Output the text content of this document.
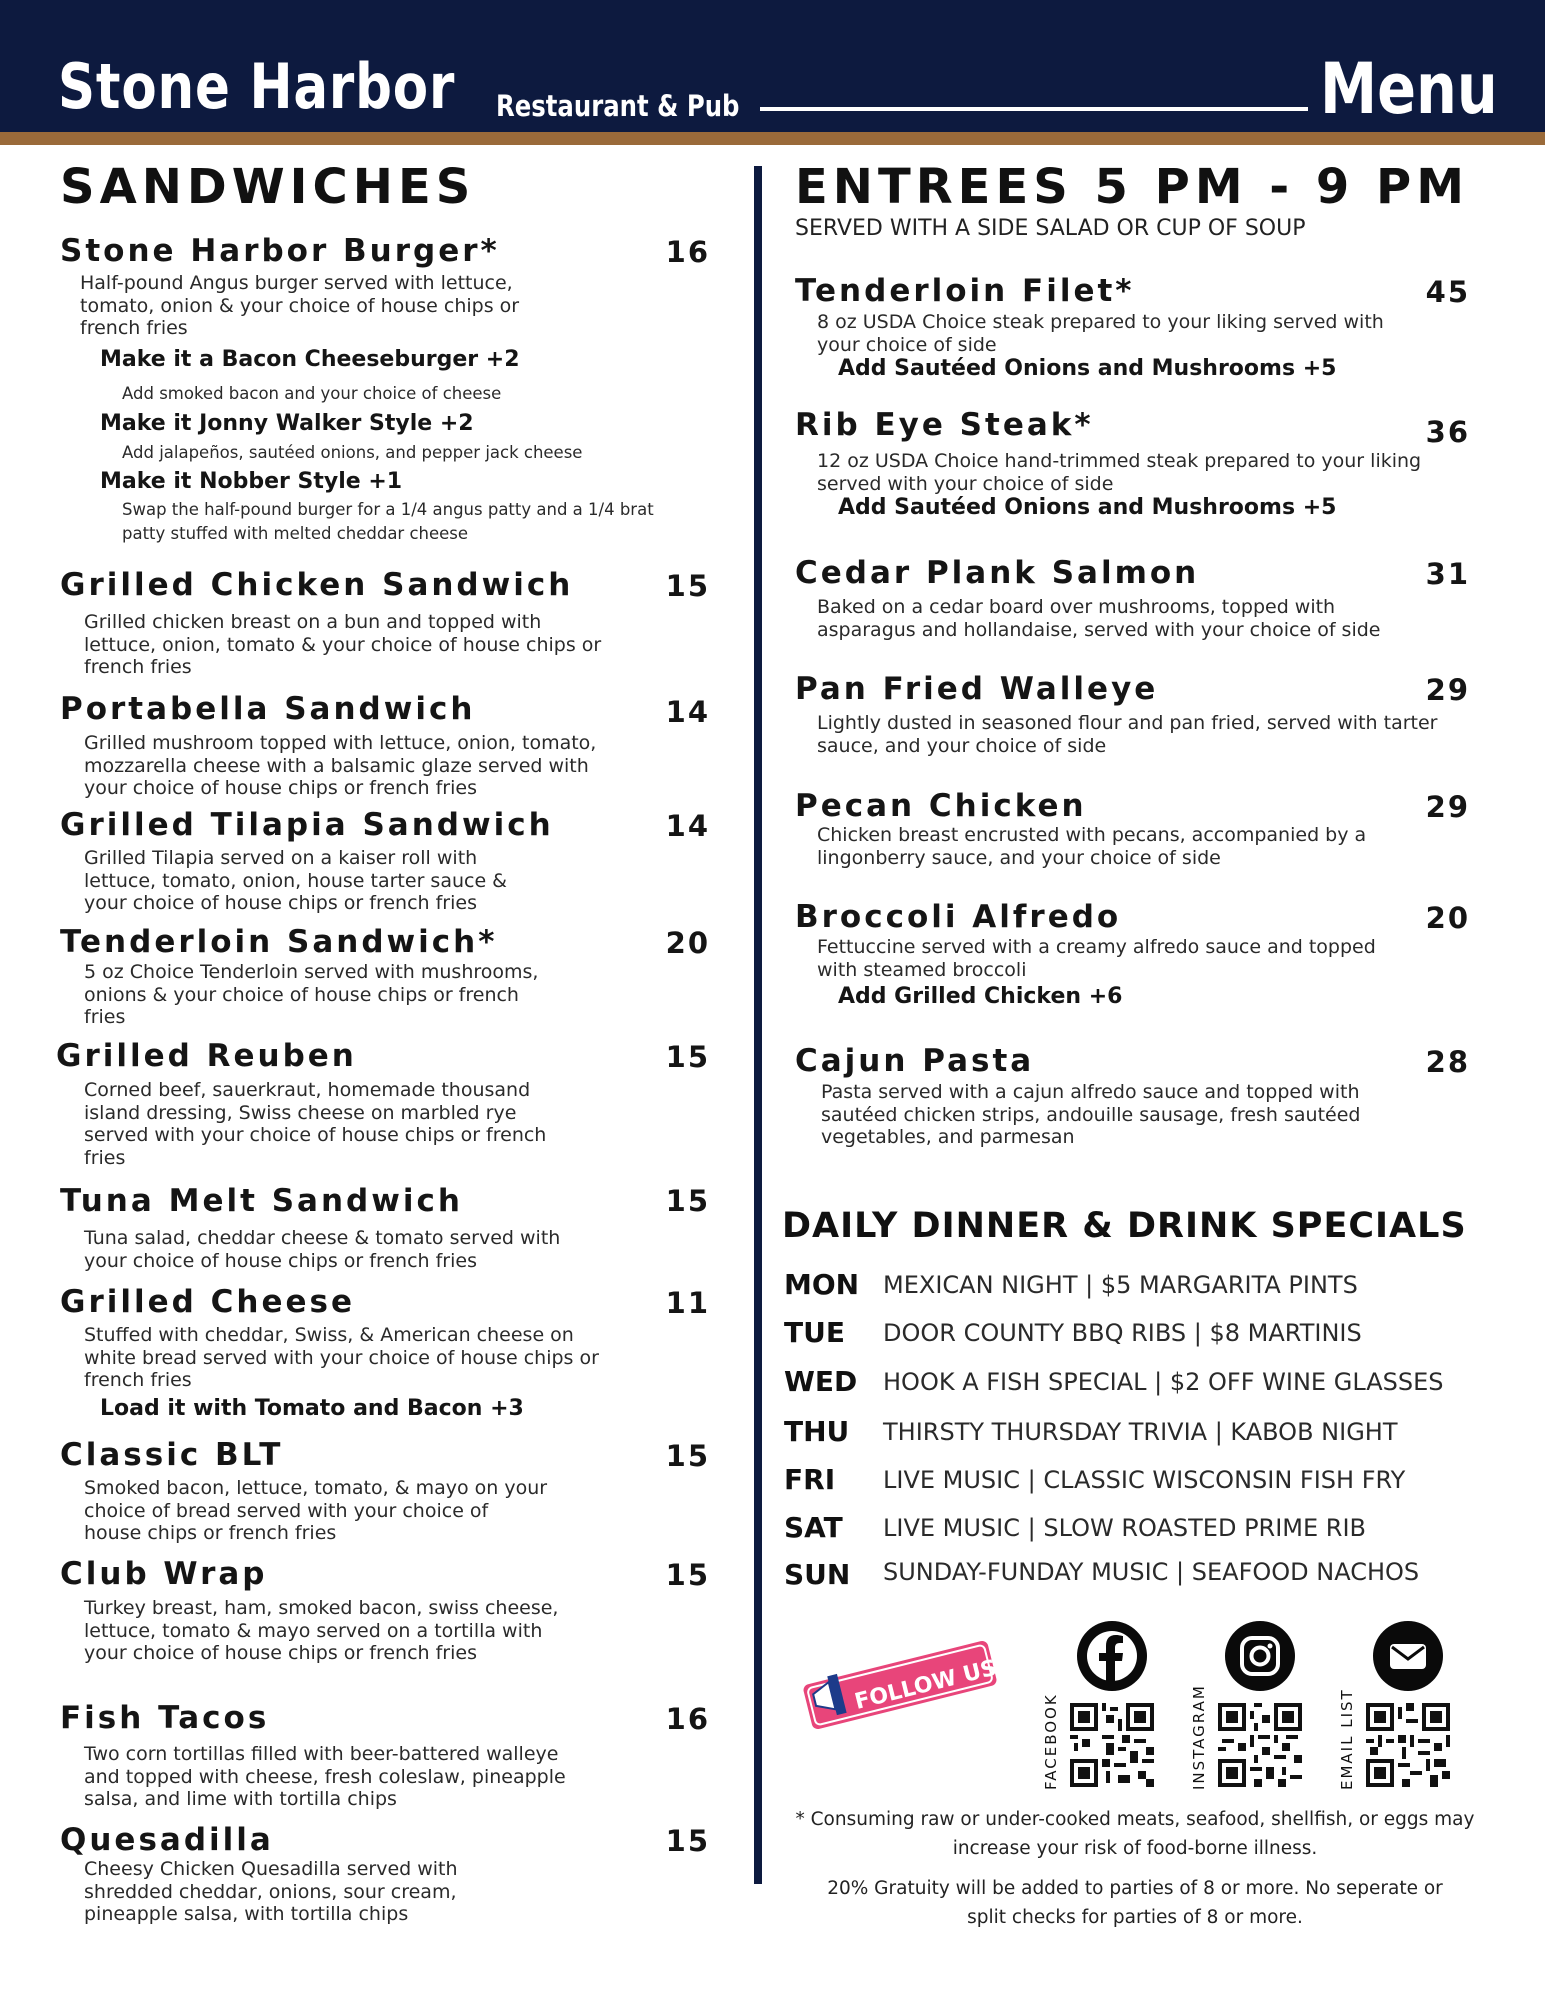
Stone Harbor Restaurant & Pub	Menu
SANDWICHES
Stone Harbor Burger*	16
Half-pound Angus burger served with lettuce, tomato, onion & your choice of house chips or french fries
Make it a Bacon Cheeseburger +2
Add smoked bacon and your choice of cheese
Make it Jonny Walker Style +2
Add jalapeños, sautéed onions, and pepper jack cheese
Make it Nobber Style +1
Swap the half-pound burger for a 1/4 angus patty and a 1/4 brat patty stuffed with melted cheddar cheese
Grilled Chicken Sandwich	15
Grilled chicken breast on a bun and topped with lettuce, onion, tomato & your choice of house chips or french fries
Portabella Sandwich	14
Grilled mushroom topped with lettuce, onion, tomato, mozzarella cheese with a balsamic glaze served with your choice of house chips or french fries
Grilled Tilapia Sandwich	14
Grilled Tilapia served on a kaiser roll with lettuce, tomato, onion, house tarter sauce & your choice of house chips or french fries
Tenderloin Sandwich*	20
5 oz Choice Tenderloin served with mushrooms, onions & your choice of house chips or french fries
Grilled Reuben	15
Corned beef, sauerkraut, homemade thousand island dressing, Swiss cheese on marbled rye served with your choice of house chips or french fries
Tuna Melt Sandwich	15
Tuna salad, cheddar cheese & tomato served with your choice of house chips or french fries
Grilled Cheese	11
Stuffed with cheddar, Swiss, & American cheese on white bread served with your choice of house chips or french fries
Load it with Tomato and Bacon +3
Classic BLT	15
Smoked bacon, lettuce, tomato, & mayo on your choice of bread served with your choice of house chips or french fries
Club Wrap	15
Turkey breast, ham, smoked bacon, swiss cheese, lettuce, tomato & mayo served on a tortilla with your choice of house chips or french fries
Fish Tacos	16
Two corn tortillas filled with beer-battered walleye and topped with cheese, fresh coleslaw, pineapple salsa, and lime with tortilla chips
Quesadilla	15
Cheesy Chicken Quesadilla served with shredded cheddar, onions, sour cream, pineapple salsa, with tortilla chips
ENTREES 5 PM - 9 PM
SERVED WITH A SIDE SALAD OR CUP OF SOUP
Tenderloin Filet*	45
8 oz USDA Choice steak prepared to your liking served with your choice of side
Add Sautéed Onions and Mushrooms +5
Rib Eye Steak*	36
12 oz USDA Choice hand-trimmed steak prepared to your liking served with your choice of side
Add Sautéed Onions and Mushrooms +5
Cedar Plank Salmon	31
Baked on a cedar board over mushrooms, topped with asparagus and hollandaise, served with your choice of side
Pan Fried Walleye	29
Lightly dusted in seasoned flour and pan fried, served with tarter sauce, and your choice of side
Pecan Chicken	29
Chicken breast encrusted with pecans, accompanied by a lingonberry sauce, and your choice of side
Broccoli Alfredo	20
Fettuccine served with a creamy alfredo sauce and topped with steamed broccoli
Add Grilled Chicken +6
Cajun Pasta	28
Pasta served with a cajun alfredo sauce and topped with sautéed chicken strips, andouille sausage, fresh sautéed vegetables, and parmesan
DAILY DINNER & DRINK SPECIALS
MON MEXICAN NIGHT | $5 MARGARITA PINTS
TUE DOOR COUNTY BBQ RIBS | $8 MARTINIS
WED HOOK A FISH SPECIAL | $2 OFF WINE GLASSES
THU THIRSTY THURSDAY TRIVIA | KABOB NIGHT
FRI LIVE MUSIC | CLASSIC WISCONSIN FISH FRY
SAT LIVE MUSIC | SLOW ROASTED PRIME RIB
SUN SUNDAY-FUNDAY MUSIC | SEAFOOD NACHOS
FOLLOW US
FACEBOOK	INSTAGRAM	EMAIL LIST
* Consuming raw or under-cooked meats, seafood, shellfish, or eggs may increase your risk of food-borne illness.
20% Gratuity will be added to parties of 8 or more. No seperate or split checks for parties of 8 or more.
